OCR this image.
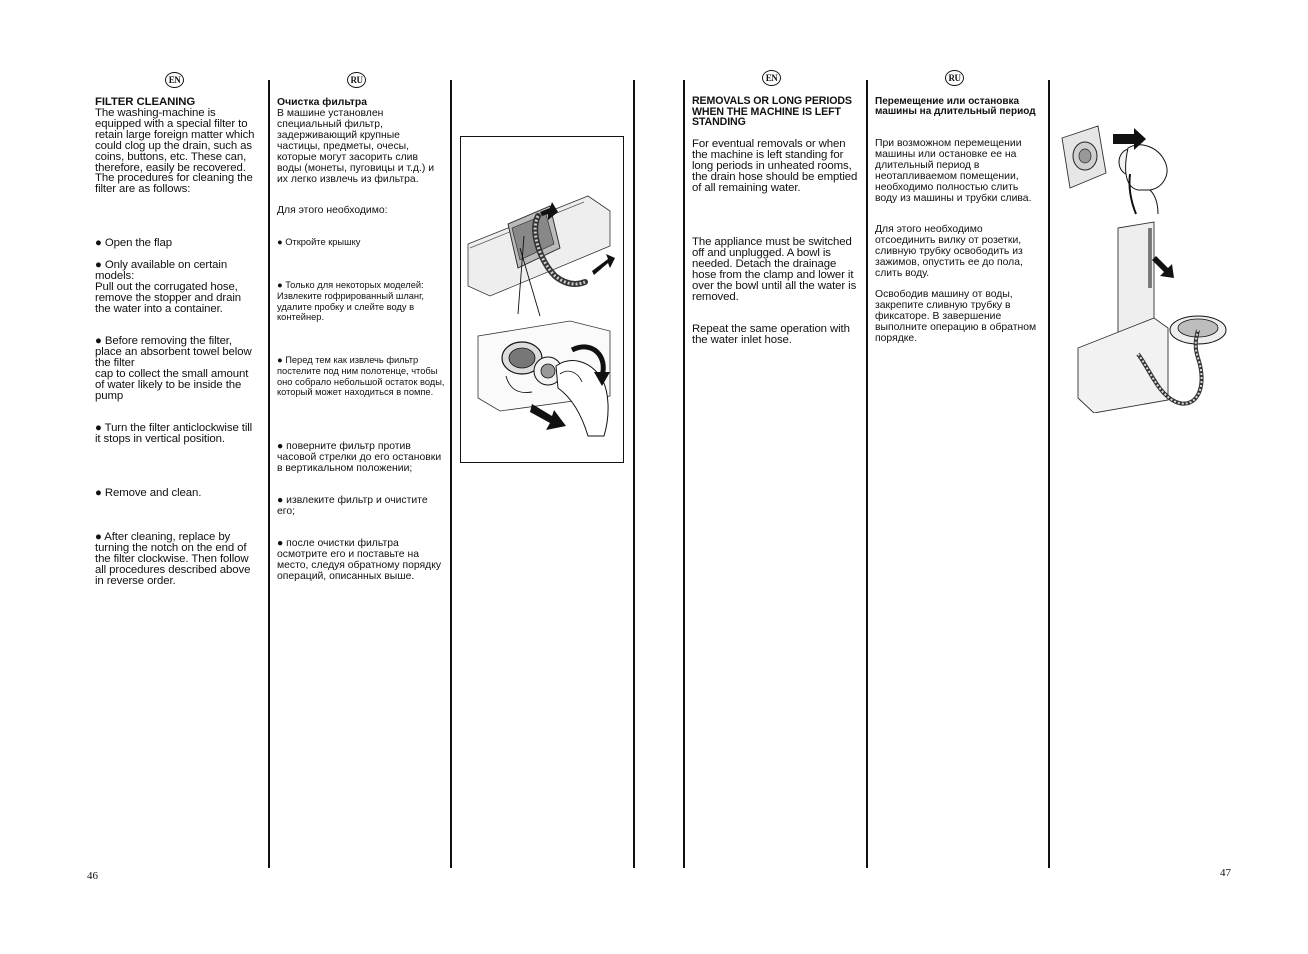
EN	RU	EN	RU
FILTER CLEANING
The washing-machine is equipped with a special filter to retain large foreign matter which could clog up the drain, such as coins, buttons, etc. These can, therefore, easily be recovered. The procedures for cleaning the filter are as follows:
● Open the flap
● Only available on certain models:
Pull out the corrugated hose, remove the stopper and drain the water into a container.
● Before removing the filter, place an absorbent towel below the filter
cap to collect the small amount of water likely to be inside the pump
● Turn the filter anticlockwise till it stops in vertical position.
● Remove and clean.
● After cleaning, replace by turning the notch on the end of the filter clockwise. Then follow all procedures described above in reverse order.
Очистка фильтра
В машине установлен специальный фильтр, задерживающий крупные частицы, предметы, очесы, которые могут засорить слив воды (монеты, пуговицы и т.д.) и их легко извлечь из фильтра.
Для этого необходимо:
● Откройте крышку
● Только для некоторых моделей: Извлеките гофрированный шланг, удалите пробку и слейте воду в контейнер.
● Перед тем как извлечь фильтр постелите под ним полотенце, чтобы оно собрало небольшой остаток воды, который может находиться в помпе.
● поверните фильтр против часовой стрелки до его остановки в вертикальном положении;
● извлеките фильтр и очистите его;
● после очистки фильтра осмотрите его и поставьте на место, следуя обратному порядку операций, описанных выше.
REMOVALS OR LONG PERIODS WHEN THE MACHINE IS LEFT STANDING
For eventual removals or when the machine is left standing for long periods in unheated rooms, the drain hose should be emptied of all remaining water.
The appliance must be switched off and unplugged. A bowl is needed. Detach the drainage hose from the clamp and lower it over the bowl until all the water is removed.
Repeat the same operation with the water inlet hose.
Перемещение или остановка машины на длительный период
При возможном перемещении машины или остановке ее на длительный период в неотапливаемом помещении, необходимо полностью слить воду из машины и трубки слива.
Для этого необходимо отсоединить вилку от розетки, сливную трубку освободить из зажимов, опустить ее до пола, слить воду.
Освободив машину от воды, закрепите сливную трубку в фиксаторе. В завершение выполните операцию в обратном порядке.
46	47
